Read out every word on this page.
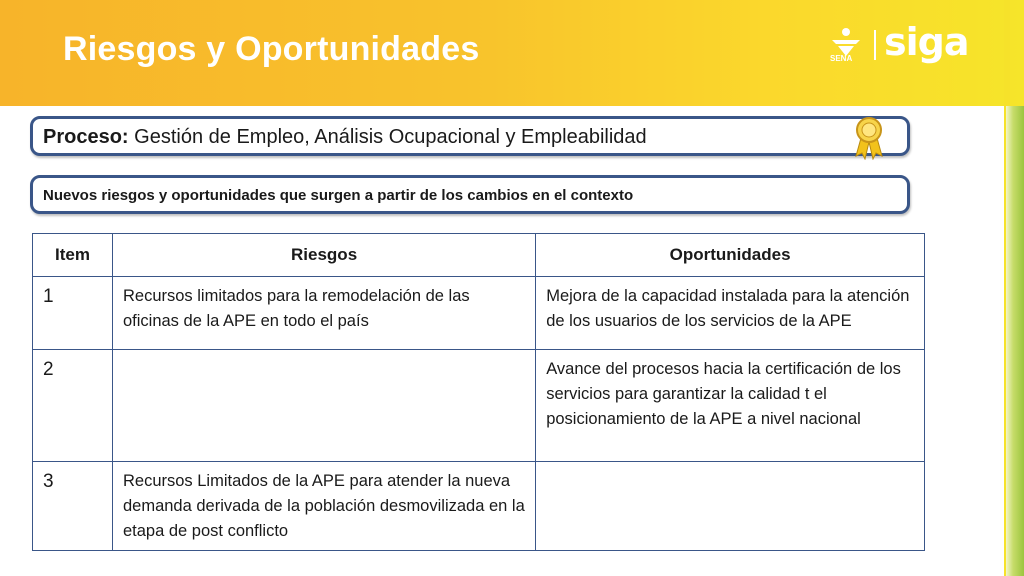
Riesgos y Oportunidades	SENA siga
Proceso: Gestión de Empleo, Análisis Ocupacional y Empleabilidad
Nuevos riesgos y oportunidades que surgen a partir de los cambios en el contexto
Item	Riesgos	Oportunidades
1	Recursos limitados para la remodelación de las oficinas de la APE en todo el país	Mejora de la capacidad instalada para la atención de los usuarios de los servicios de la APE
2		Avance del procesos hacia la certificación de los servicios para garantizar la calidad t el posicionamiento de la APE a nivel nacional
3	Recursos Limitados de la APE para atender la nueva demanda derivada de la población desmovilizada en la etapa de post conflicto	
